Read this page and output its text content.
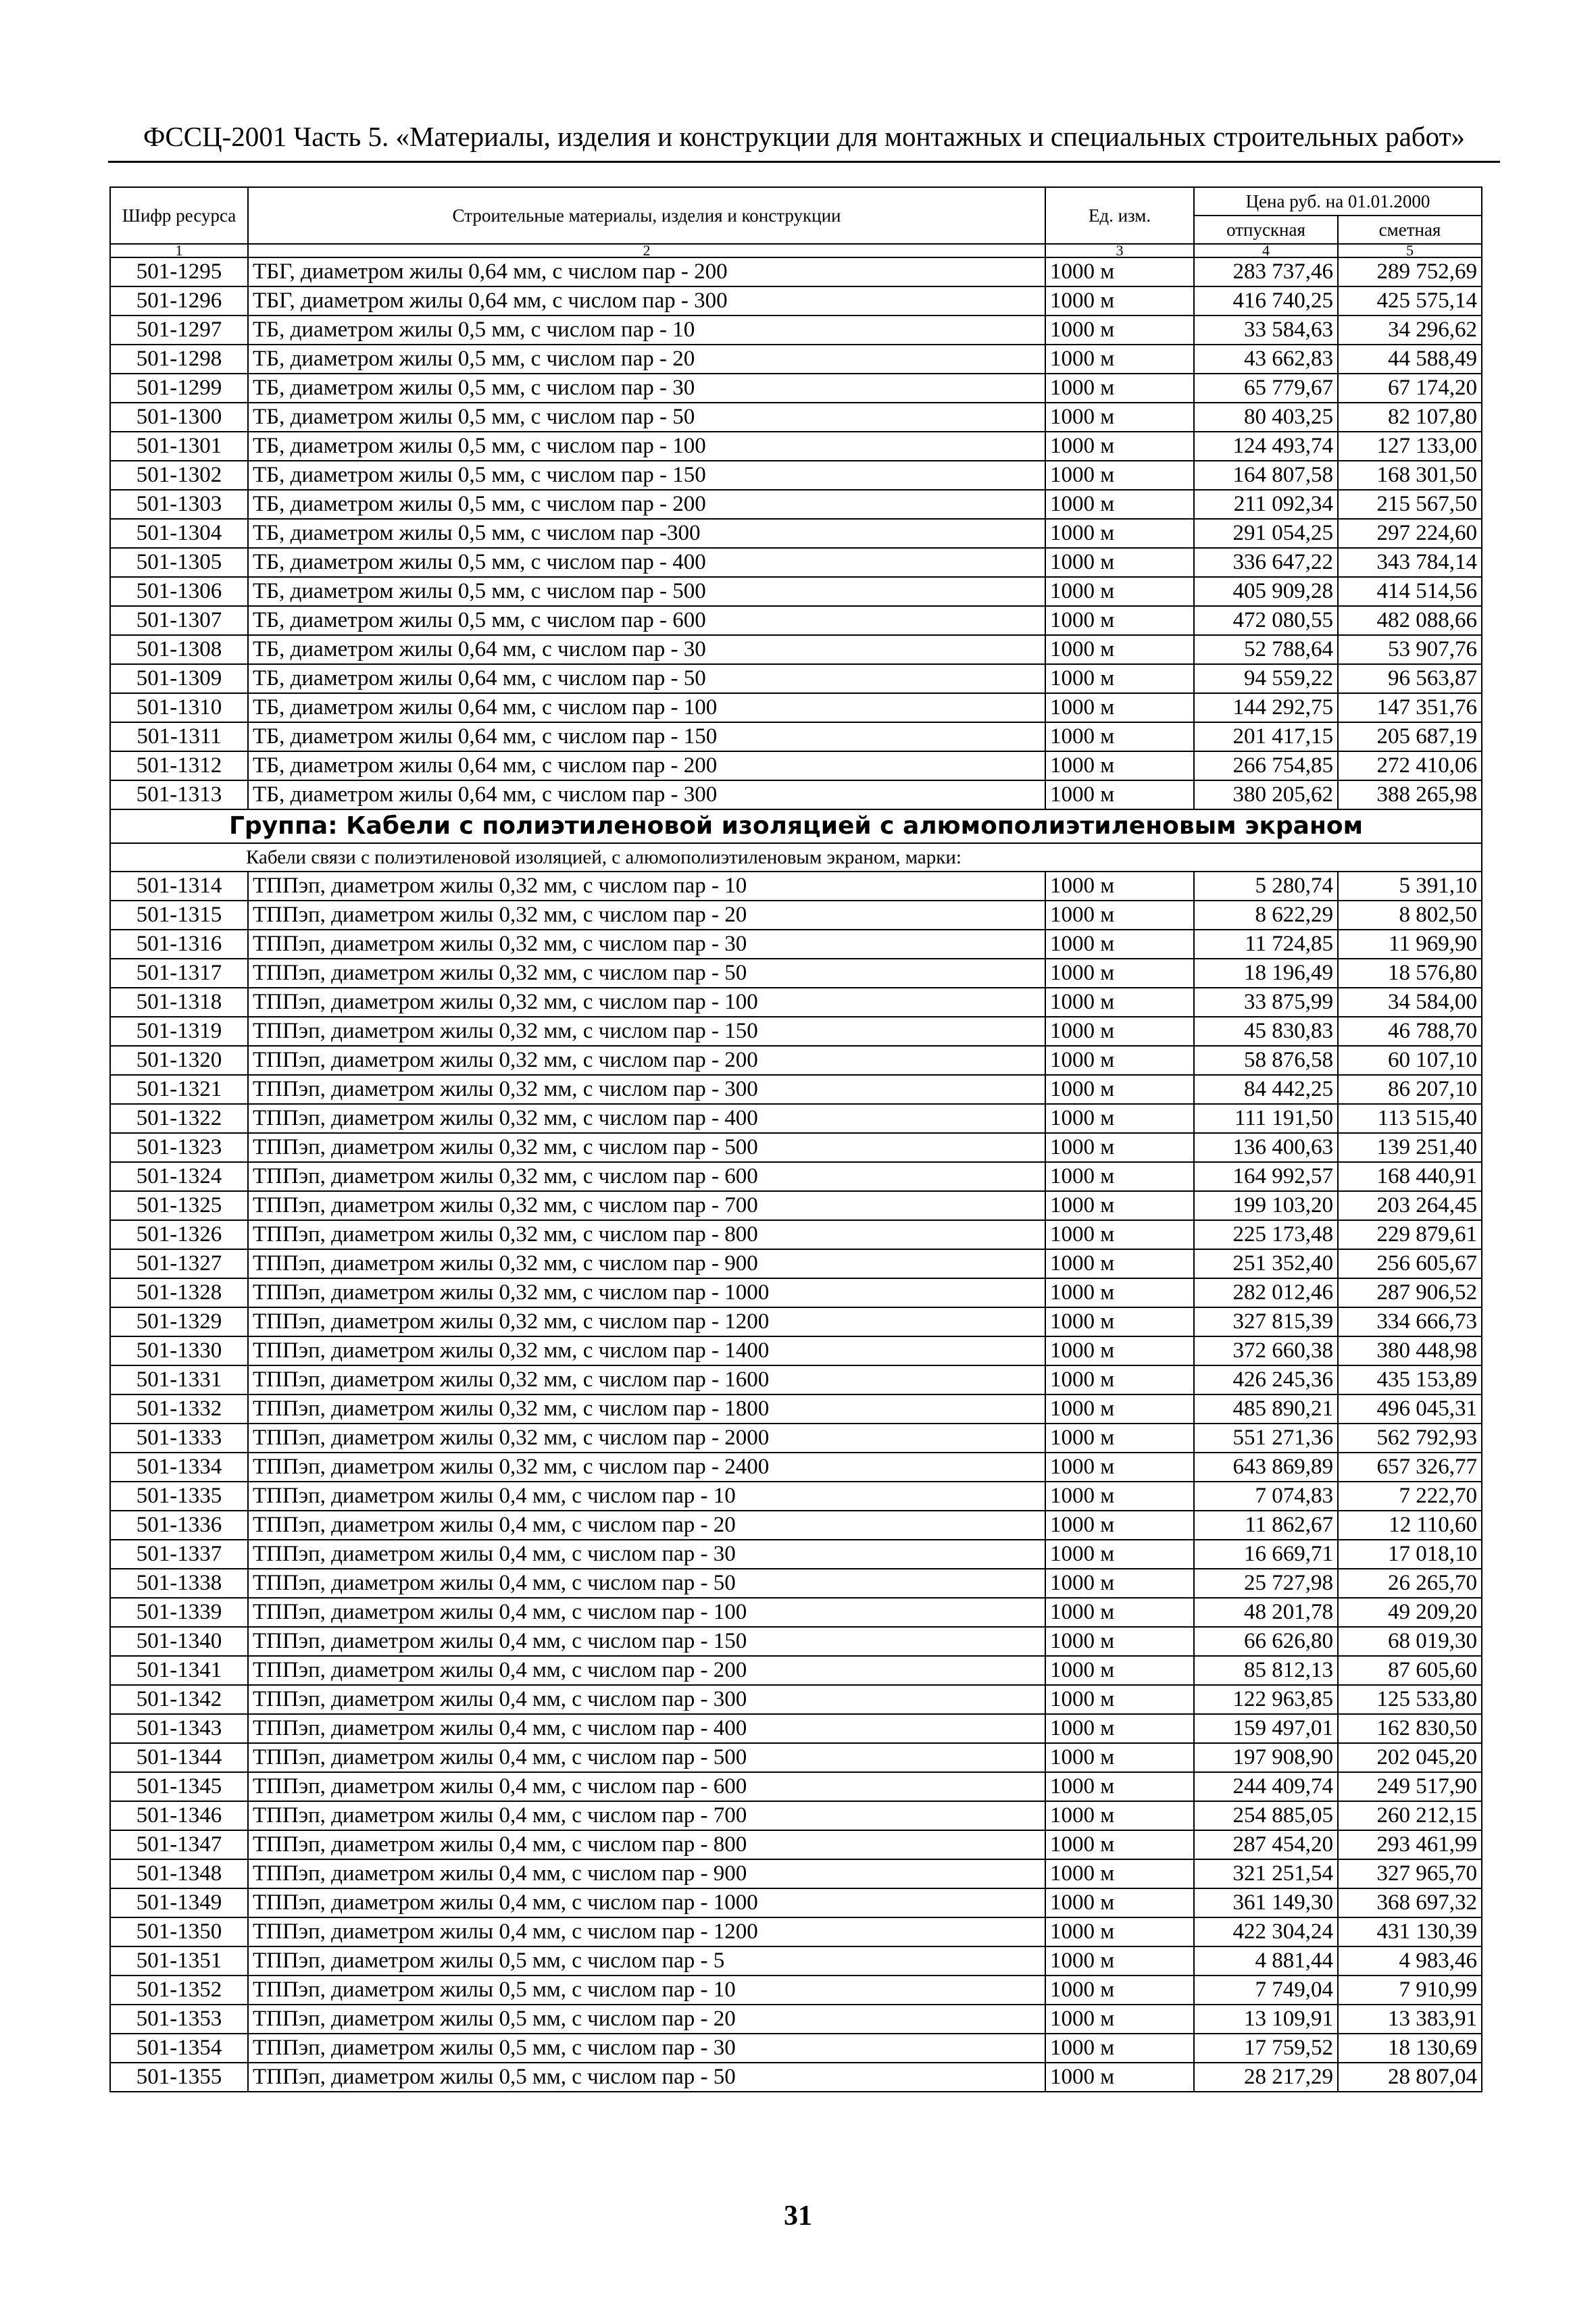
ФССЦ-2001 Часть 5. «Материалы, изделия и конструкции для монтажных и специальных строительных работ»
Шифр ресурса	Строительные материалы, изделия и конструкции	Ед. изм.	Цена руб. на 01.01.2000	
			отпускная	сметная
1	2	3	4	5
501-1295	ТБГ, диаметром жилы 0,64 мм, с числом пар - 200	1000 м	283 737,46	289 752,69
501-1296	ТБГ, диаметром жилы 0,64 мм, с числом пар - 300	1000 м	416 740,25	425 575,14
501-1297	ТБ, диаметром жилы 0,5 мм, с числом пар - 10	1000 м	33 584,63	34 296,62
501-1298	ТБ, диаметром жилы 0,5 мм, с числом пар - 20	1000 м	43 662,83	44 588,49
501-1299	ТБ, диаметром жилы 0,5 мм, с числом пар - 30	1000 м	65 779,67	67 174,20
501-1300	ТБ, диаметром жилы 0,5 мм, с числом пар - 50	1000 м	80 403,25	82 107,80
501-1301	ТБ, диаметром жилы 0,5 мм, с числом пар - 100	1000 м	124 493,74	127 133,00
501-1302	ТБ, диаметром жилы 0,5 мм, с числом пар - 150	1000 м	164 807,58	168 301,50
501-1303	ТБ, диаметром жилы 0,5 мм, с числом пар - 200	1000 м	211 092,34	215 567,50
501-1304	ТБ, диаметром жилы 0,5 мм, с числом пар -300	1000 м	291 054,25	297 224,60
501-1305	ТБ, диаметром жилы 0,5 мм, с числом пар - 400	1000 м	336 647,22	343 784,14
501-1306	ТБ, диаметром жилы 0,5 мм, с числом пар - 500	1000 м	405 909,28	414 514,56
501-1307	ТБ, диаметром жилы 0,5 мм, с числом пар - 600	1000 м	472 080,55	482 088,66
501-1308	ТБ, диаметром жилы 0,64 мм, с числом пар - 30	1000 м	52 788,64	53 907,76
501-1309	ТБ, диаметром жилы 0,64 мм, с числом пар - 50	1000 м	94 559,22	96 563,87
501-1310	ТБ, диаметром жилы 0,64 мм, с числом пар - 100	1000 м	144 292,75	147 351,76
501-1311	ТБ, диаметром жилы 0,64 мм, с числом пар - 150	1000 м	201 417,15	205 687,19
501-1312	ТБ, диаметром жилы 0,64 мм, с числом пар - 200	1000 м	266 754,85	272 410,06
501-1313	ТБ, диаметром жилы 0,64 мм, с числом пар - 300	1000 м	380 205,62	388 265,98
Группа: Кабели с полиэтиленовой изоляцией с алюмополиэтиленовым экраном				
Кабели связи с полиэтиленовой изоляцией, с алюмополиэтиленовым экраном, марки:				
501-1314	ТППэп, диаметром жилы 0,32 мм, с числом пар - 10	1000 м	5 280,74	5 391,10
501-1315	ТППэп, диаметром жилы 0,32 мм, с числом пар - 20	1000 м	8 622,29	8 802,50
501-1316	ТППэп, диаметром жилы 0,32 мм, с числом пар - 30	1000 м	11 724,85	11 969,90
501-1317	ТППэп, диаметром жилы 0,32 мм, с числом пар - 50	1000 м	18 196,49	18 576,80
501-1318	ТППэп, диаметром жилы 0,32 мм, с числом пар - 100	1000 м	33 875,99	34 584,00
501-1319	ТППэп, диаметром жилы 0,32 мм, с числом пар - 150	1000 м	45 830,83	46 788,70
501-1320	ТППэп, диаметром жилы 0,32 мм, с числом пар - 200	1000 м	58 876,58	60 107,10
501-1321	ТППэп, диаметром жилы 0,32 мм, с числом пар - 300	1000 м	84 442,25	86 207,10
501-1322	ТППэп, диаметром жилы 0,32 мм, с числом пар - 400	1000 м	111 191,50	113 515,40
501-1323	ТППэп, диаметром жилы 0,32 мм, с числом пар - 500	1000 м	136 400,63	139 251,40
501-1324	ТППэп, диаметром жилы 0,32 мм, с числом пар - 600	1000 м	164 992,57	168 440,91
501-1325	ТППэп, диаметром жилы 0,32 мм, с числом пар - 700	1000 м	199 103,20	203 264,45
501-1326	ТППэп, диаметром жилы 0,32 мм, с числом пар - 800	1000 м	225 173,48	229 879,61
501-1327	ТППэп, диаметром жилы 0,32 мм, с числом пар - 900	1000 м	251 352,40	256 605,67
501-1328	ТППэп, диаметром жилы 0,32 мм, с числом пар - 1000	1000 м	282 012,46	287 906,52
501-1329	ТППэп, диаметром жилы 0,32 мм, с числом пар - 1200	1000 м	327 815,39	334 666,73
501-1330	ТППэп, диаметром жилы 0,32 мм, с числом пар - 1400	1000 м	372 660,38	380 448,98
501-1331	ТППэп, диаметром жилы 0,32 мм, с числом пар - 1600	1000 м	426 245,36	435 153,89
501-1332	ТППэп, диаметром жилы 0,32 мм, с числом пар - 1800	1000 м	485 890,21	496 045,31
501-1333	ТППэп, диаметром жилы 0,32 мм, с числом пар - 2000	1000 м	551 271,36	562 792,93
501-1334	ТППэп, диаметром жилы 0,32 мм, с числом пар - 2400	1000 м	643 869,89	657 326,77
501-1335	ТППэп, диаметром жилы 0,4 мм, с числом пар - 10	1000 м	7 074,83	7 222,70
501-1336	ТППэп, диаметром жилы 0,4 мм, с числом пар - 20	1000 м	11 862,67	12 110,60
501-1337	ТППэп, диаметром жилы 0,4 мм, с числом пар - 30	1000 м	16 669,71	17 018,10
501-1338	ТППэп, диаметром жилы 0,4 мм, с числом пар - 50	1000 м	25 727,98	26 265,70
501-1339	ТППэп, диаметром жилы 0,4 мм, с числом пар - 100	1000 м	48 201,78	49 209,20
501-1340	ТППэп, диаметром жилы 0,4 мм, с числом пар - 150	1000 м	66 626,80	68 019,30
501-1341	ТППэп, диаметром жилы 0,4 мм, с числом пар - 200	1000 м	85 812,13	87 605,60
501-1342	ТППэп, диаметром жилы 0,4 мм, с числом пар - 300	1000 м	122 963,85	125 533,80
501-1343	ТППэп, диаметром жилы 0,4 мм, с числом пар - 400	1000 м	159 497,01	162 830,50
501-1344	ТППэп, диаметром жилы 0,4 мм, с числом пар - 500	1000 м	197 908,90	202 045,20
501-1345	ТППэп, диаметром жилы 0,4 мм, с числом пар - 600	1000 м	244 409,74	249 517,90
501-1346	ТППэп, диаметром жилы 0,4 мм, с числом пар - 700	1000 м	254 885,05	260 212,15
501-1347	ТППэп, диаметром жилы 0,4 мм, с числом пар - 800	1000 м	287 454,20	293 461,99
501-1348	ТППэп, диаметром жилы 0,4 мм, с числом пар - 900	1000 м	321 251,54	327 965,70
501-1349	ТППэп, диаметром жилы 0,4 мм, с числом пар - 1000	1000 м	361 149,30	368 697,32
501-1350	ТППэп, диаметром жилы 0,4 мм, с числом пар - 1200	1000 м	422 304,24	431 130,39
501-1351	ТППэп, диаметром жилы 0,5 мм, с числом пар - 5	1000 м	4 881,44	4 983,46
501-1352	ТППэп, диаметром жилы 0,5 мм, с числом пар - 10	1000 м	7 749,04	7 910,99
501-1353	ТППэп, диаметром жилы 0,5 мм, с числом пар - 20	1000 м	13 109,91	13 383,91
501-1354	ТППэп, диаметром жилы 0,5 мм, с числом пар - 30	1000 м	17 759,52	18 130,69
501-1355	ТППэп, диаметром жилы 0,5 мм, с числом пар - 50	1000 м	28 217,29	28 807,04
31
